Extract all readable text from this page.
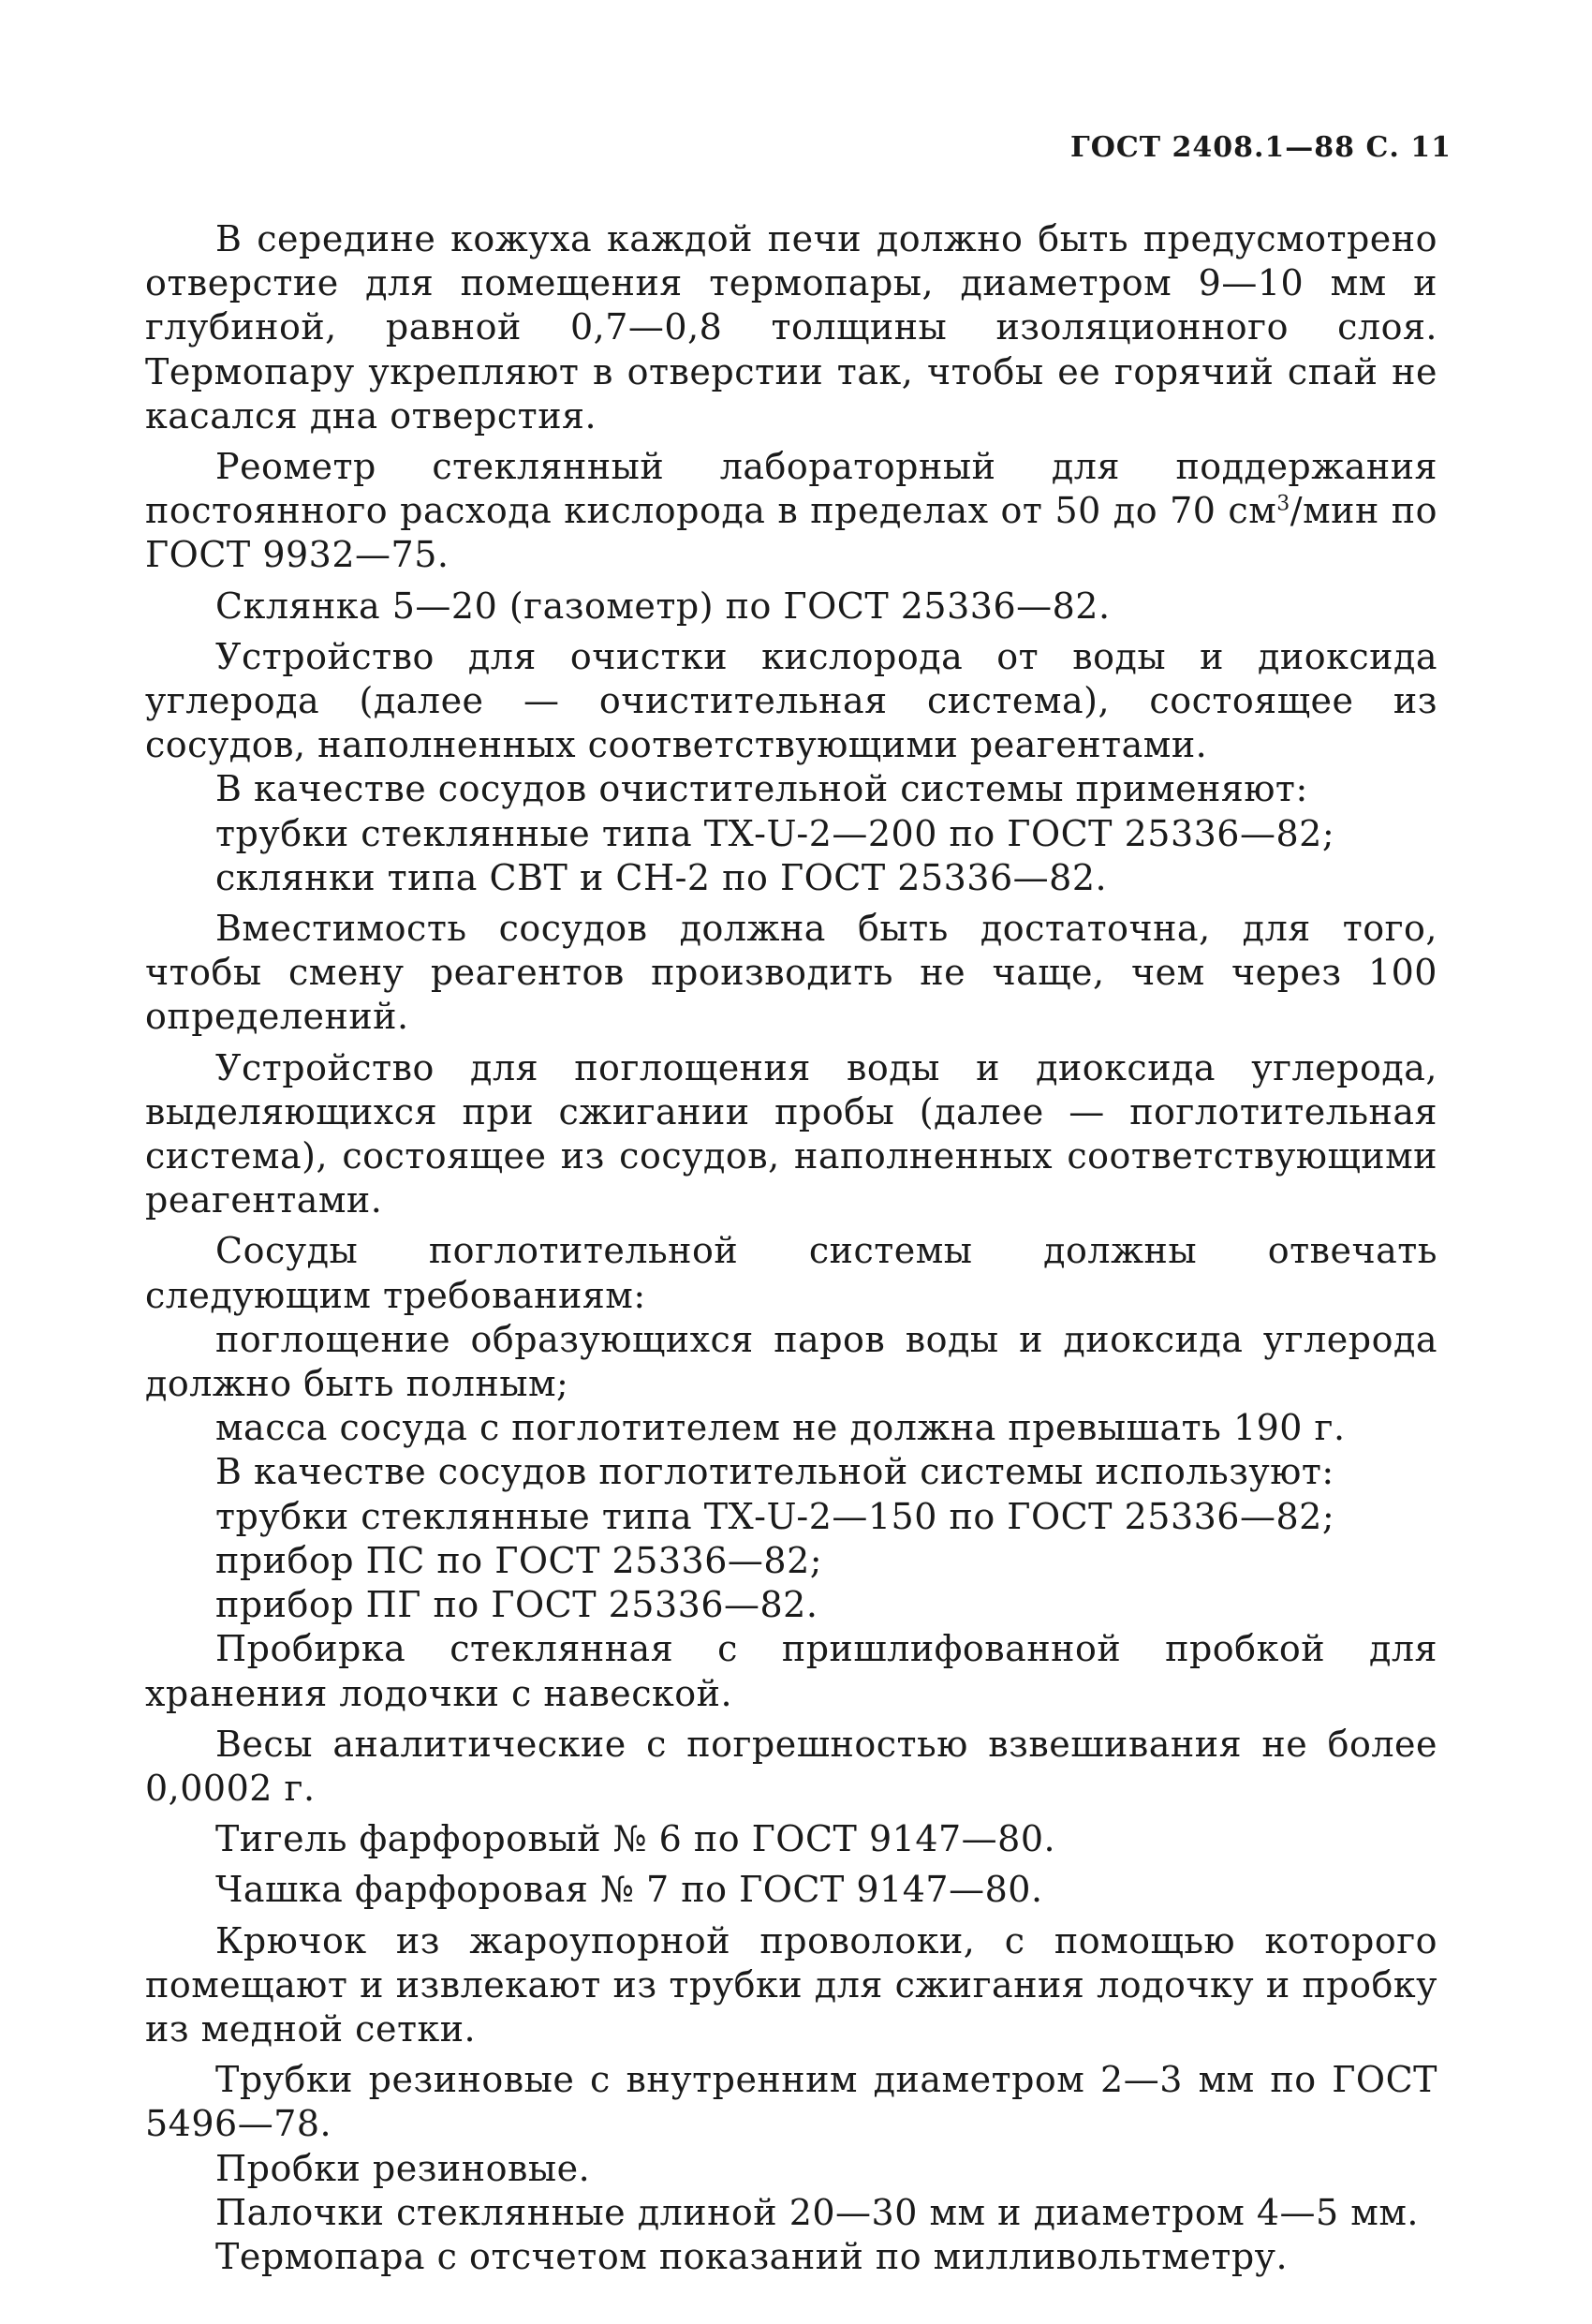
ГОСТ 2408.1—88 С. 11

В середине кожуха каждой печи должно быть предусмотрено отверстие для помещения термопары, диаметром 9—10 мм и глубиной, равной 0,7—0,8 толщины изоляционного слоя. Термопару укрепляют в отверстии так, чтобы ее горячий спай не касался дна отверстия.

Реометр стеклянный лабораторный для поддержания постоянного расхода кислорода в пределах от 50 до 70 $см^3$/мин по ГОСТ 9932—75.

Склянка 5—20 (газометр) по ГОСТ 25336—82.

Устройство для очистки кислорода от воды и диоксида углерода (далее — очистительная система), состоящее из сосудов, наполненных соответствующими реагентами.

В качестве сосудов очистительной системы применяют:

трубки стеклянные типа ТХ-U-2—200 по ГОСТ 25336—82;

склянки типа СВТ и СН-2 по ГОСТ 25336—82.

Вместимость сосудов должна быть достаточна, для того, чтобы смену реагентов производить не чаще, чем через 100 определений.

Устройство для поглощения воды и диоксида углерода, выделяющихся при сжигании пробы (далее — поглотительная система), состоящее из сосудов, наполненных соответствующими реагентами.

Сосуды поглотительной системы должны отвечать следующим требованиям:

поглощение образующихся паров воды и диоксида углерода должно быть полным;

масса сосуда с поглотителем не должна превышать 190 г.

В качестве сосудов поглотительной системы используют:

трубки стеклянные типа ТХ-U-2—150 по ГОСТ 25336—82;

прибор ПС по ГОСТ 25336—82;

прибор ПГ по ГОСТ 25336—82.

Пробирка стеклянная с пришлифованной пробкой для хранения лодочки с навеской.

Весы аналитические с погрешностью взвешивания не более 0,0002 г.

Тигель фарфоровый № 6 по ГОСТ 9147—80.

Чашка фарфоровая № 7 по ГОСТ 9147—80.

Крючок из жароупорной проволоки, с помощью которого помещают и извлекают из трубки для сжигания лодочку и пробку из медной сетки.

Трубки резиновые с внутренним диаметром 2—3 мм по ГОСТ 5496—78.

Пробки резиновые.

Палочки стеклянные длиной 20—30 мм и диаметром 4—5 мм.

Термопара с отсчетом показаний по милливольтметру.
